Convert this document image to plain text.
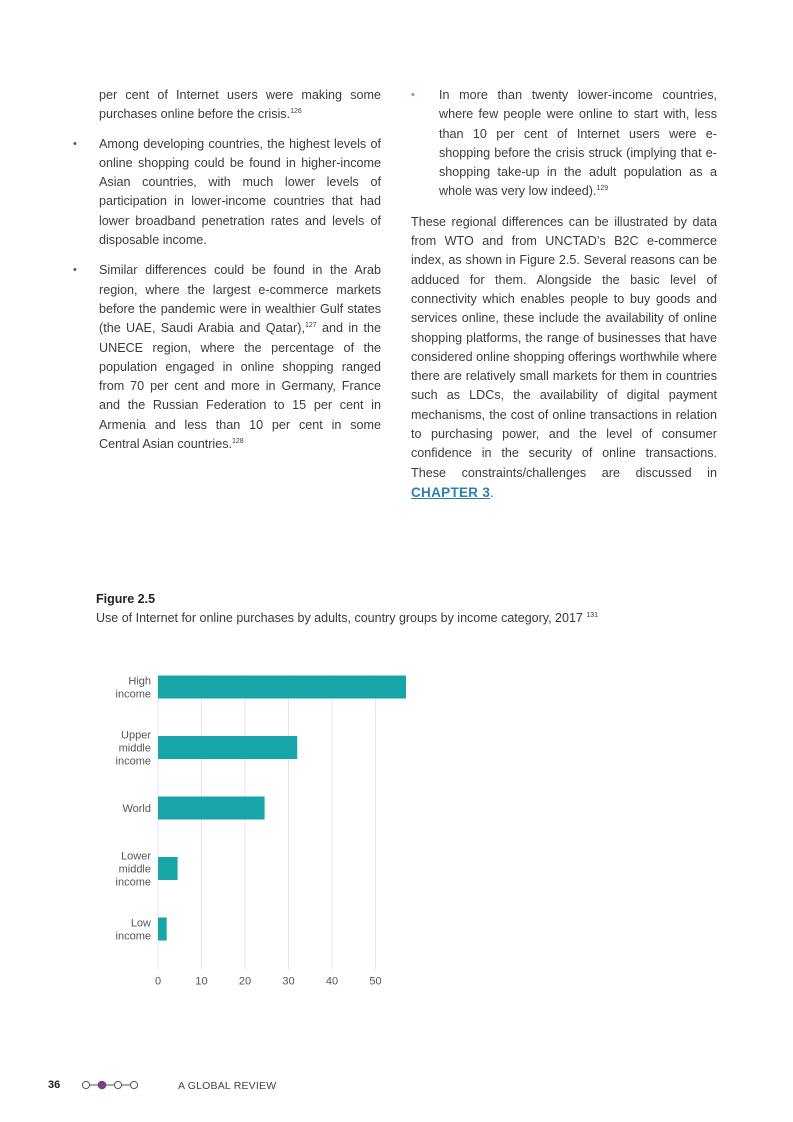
per cent of Internet users were making some purchases online before the crisis.$^{126}$

• Among developing countries, the highest levels of online shopping could be found in higher-income Asian countries, with much lower levels of participation in lower-income countries that had lower broadband penetration rates and levels of disposable income.

• Similar differences could be found in the Arab region, where the largest e-commerce markets before the pandemic were in wealthier Gulf states (the UAE, Saudi Arabia and Qatar),$^{127}$ and in the UNECE region, where the percentage of the population engaged in online shopping ranged from 70 per cent and more in Germany, France and the Russian Federation to 15 per cent in Armenia and less than 10 per cent in some Central Asian countries.$^{128}$

• In more than twenty lower-income countries, where few people were online to start with, less than 10 per cent of Internet users were e-shopping before the crisis struck (implying that e-shopping take-up in the adult population as a whole was very low indeed).$^{129}$

These regional differences can be illustrated by data from WTO and from UNCTAD’s B2C e-commerce index, as shown in Figure 2.5. Several reasons can be adduced for them. Alongside the basic level of connectivity which enables people to buy goods and services online, these include the availability of online shopping platforms, the range of businesses that have considered online shopping offerings worthwhile where there are relatively small markets for them in countries such as LDCs, the availability of digital payment mechanisms, the cost of online transactions in relation to purchasing power, and the level of consumer confidence in the security of online transactions. These constraints/challenges are discussed in CHAPTER 3.

Figure 2.5
Use of Internet for online purchases by adults, country groups by income category, 2017 $^{131}$
High income
Upper middle income
World
Lower middle income
Low income
0	10	20	30	40	50
36	A GLOBAL REVIEW
